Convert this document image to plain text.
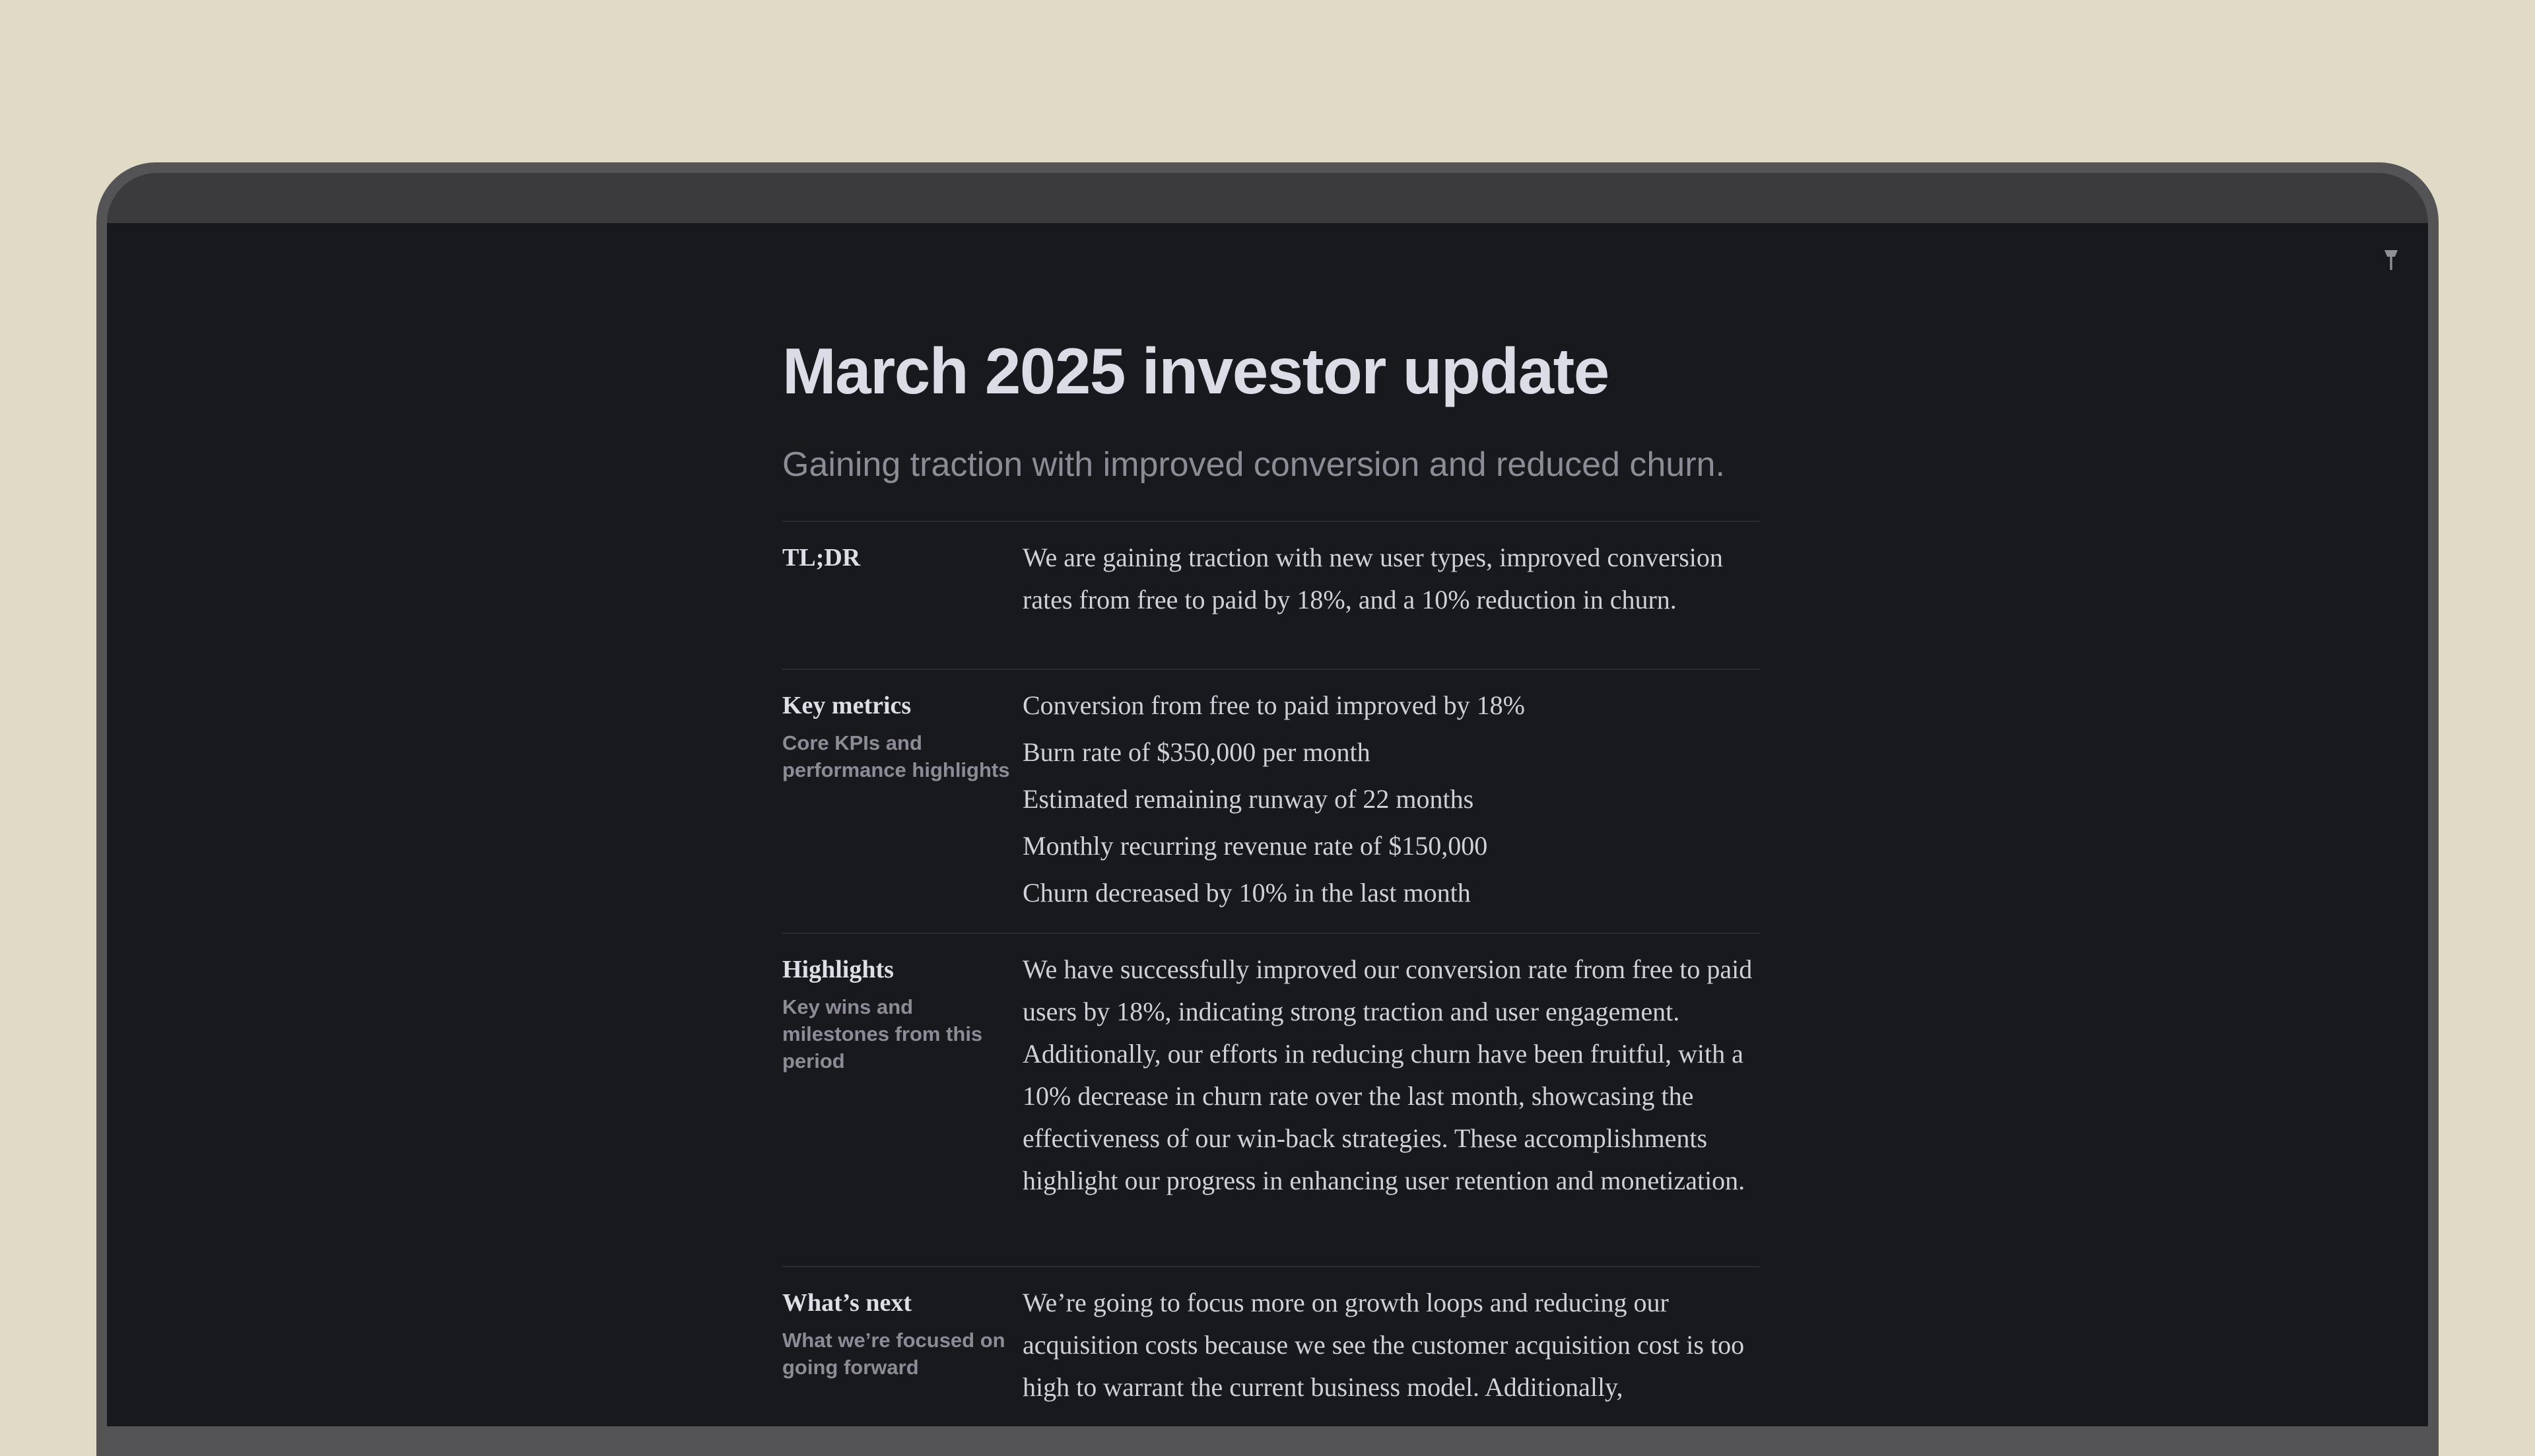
March 2025 investor update
Gaining traction with improved conversion and reduced churn.
TL;DR	We are gaining traction with new user types, improved conversion rates from free to paid by 18%, and a 10% reduction in churn.
Key metrics
Core KPIs and performance highlights
Conversion from free to paid improved by 18%
Burn rate of $350,000 per month
Estimated remaining runway of 22 months
Monthly recurring revenue rate of $150,000
Churn decreased by 10% in the last month
Highlights
Key wins and milestones from this period
We have successfully improved our conversion rate from free to paid users by 18%, indicating strong traction and user engagement. Additionally, our efforts in reducing churn have been fruitful, with a 10% decrease in churn rate over the last month, showcasing the effectiveness of our win-back strategies. These accomplishments highlight our progress in enhancing user retention and monetization.
What’s next
What we’re focused on going forward
We’re going to focus more on growth loops and reducing our acquisition costs because we see the customer acquisition cost is too high to warrant the current business model. Additionally,
